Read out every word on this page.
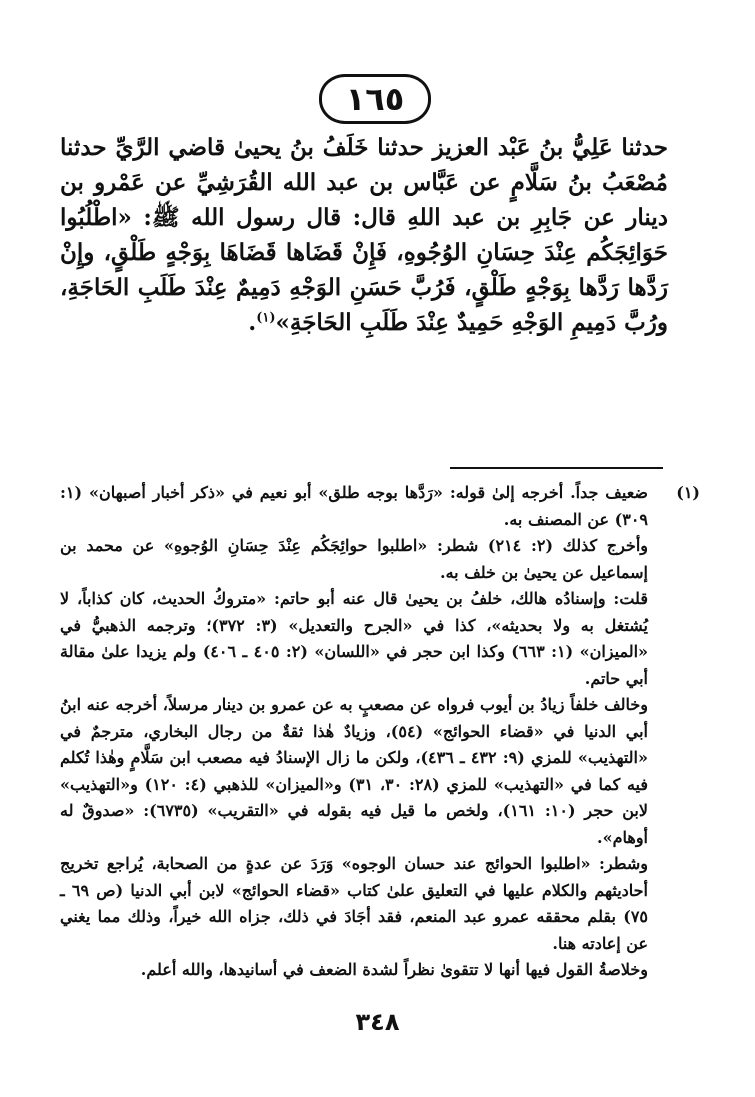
١٦٥

حدثنا عَلِيُّ بنُ عَبْد العزيز حدثنا خَلَفُ بنُ يحيىٰ قاضي الرَّيِّ حدثنا مُصْعَبُ بنُ سَلَّامٍ عن عَبَّاس بن عبد الله القُرَشِيِّ عن عَمْرو بن دينار عن جَابِرِ بن عبد اللهِ قال: قال رسول الله ﷺ: «اطْلُبُوا حَوَائِجَكُم عِنْدَ حِسَانِ الوُجُوهِ، فَإِنْ قَضَاها قَضَاهَا بِوَجْهٍ طَلْقٍ، وإِنْ رَدَّها رَدَّها بِوَجْهٍ طَلْقٍ، فَرُبَّ حَسَنِ الوَجْهِ دَمِيمٌ عِنْدَ طَلَبِ الحَاجَةِ، ورُبَّ دَمِيمِ الوَجْهِ حَمِيدٌ عِنْدَ طَلَبِ الحَاجَةِ»$^{(١)}$.

(١)

ضعيف جداً. أخرجه إلىٰ قوله: «رَدَّها بوجه طلق» أبو نعيم في «ذكر أخبار أصبهان» (١: ٣٠٩) عن المصنف به.

وأخرج كذلك (٢: ٢١٤) شطر: «اطلبوا حوائِجَكُم عِنْدَ حِسَانِ الوُجوهِ» عن محمد بن إسماعيل عن يحيىٰ بن خلف به.

قلت: وإسنادُه هالك، خلفُ بن يحيىٰ قال عنه أبو حاتم: «متروكُ الحديث، كان كذاباً، لا يُشتغل به ولا بحديثه»، كذا في «الجرح والتعديل» (٣: ٣٧٢)؛ وترجمه الذهبيُّ في «الميزان» (١: ٦٦٣) وكذا ابن حجر في «اللسان» (٢: ٤٠٥ ـ ٤٠٦) ولم يزيدا علىٰ مقالة أبي حاتم.

وخالف خلفاً زيادُ بن أيوب فرواه عن مصعبٍ به عن عمرو بن دينار مرسلاً، أخرجه عنه ابنُ أبي الدنيا في «قضاء الحوائج» (٥٤)، وزيادٌ هٰذا ثقةٌ من رجال البخاري، مترجمٌ في «التهذيب» للمزي (٩: ٤٣٢ ـ ٤٣٦)، ولكن ما زال الإسنادُ فيه مصعب ابن سَلَّامٍ وهٰذا تُكلم فيه كما في «التهذيب» للمزي (٢٨: ٣٠، ٣١) و«الميزان» للذهبي (٤: ١٢٠) و«التهذيب» لابن حجر (١٠: ١٦١)، ولخص ما قيل فيه بقوله في «التقريب» (٦٧٣٥): «صدوقٌ له أوهام».

وشطر: «اطلبوا الحوائج عند حسان الوجوه» وَرَدَ عن عدةٍ من الصحابة، يُراجع تخريج أحاديثهم والكلام عليها في التعليق علىٰ كتاب «قضاء الحوائج» لابن أبي الدنيا (ص ٦٩ ـ ٧٥) بقلم محققه عمرو عبد المنعم، فقد أجَادَ في ذلك، جزاه الله خيراً، وذلك مما يغني عن إعادته هنا.

وخلاصةُ القول فيها أنها لا تتقوىٰ نظراً لشدة الضعف في أسانيدها، والله أعلم.

٣٤٨
